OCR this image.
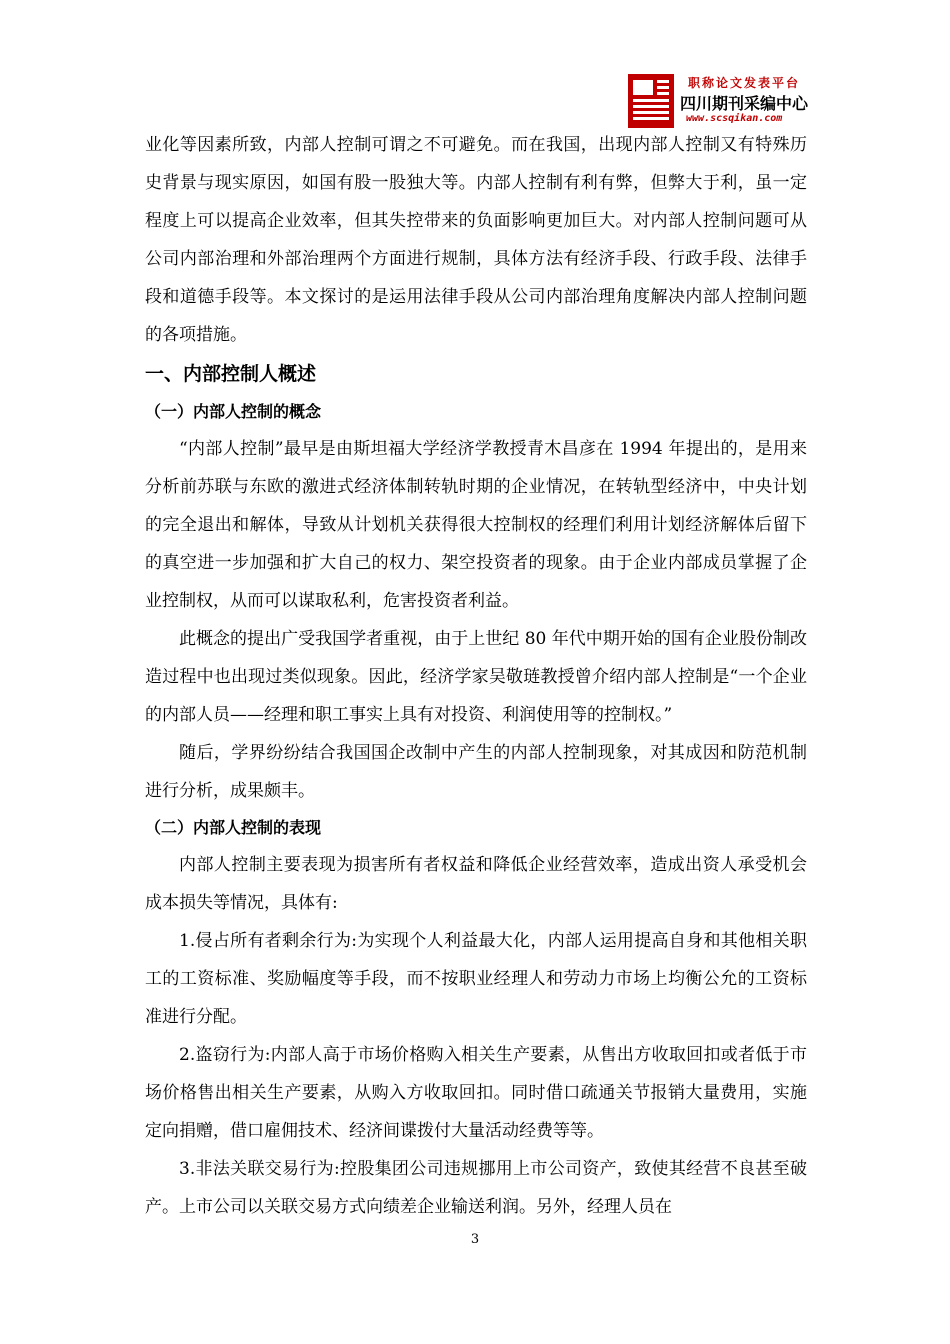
职称论文发表平台
四川期刊采编中心
www.scsqikan.com

业化等因素所致，内部人控制可谓之不可避免。而在我国，出现内部人控制又有特殊历史背景与现实原因，如国有股一股独大等。内部人控制有利有弊，但弊大于利，虽一定程度上可以提高企业效率，但其失控带来的负面影响更加巨大。对内部人控制问题可从公司内部治理和外部治理两个方面进行规制，具体方法有经济手段、行政手段、法律手段和道德手段等。本文探讨的是运用法律手段从公司内部治理角度解决内部人控制问题的各项措施。

一、内部控制人概述
（一）内部人控制的概念

“内部人控制”最早是由斯坦福大学经济学教授青木昌彦在 1994 年提出的，是用来分析前苏联与东欧的激进式经济体制转轨时期的企业情况，在转轨型经济中，中央计划的完全退出和解体，导致从计划机关获得很大控制权的经理们利用计划经济解体后留下的真空进一步加强和扩大自己的权力、架空投资者的现象。由于企业内部成员掌握了企业控制权，从而可以谋取私利，危害投资者利益。

此概念的提出广受我国学者重视，由于上世纪 80 年代中期开始的国有企业股份制改造过程中也出现过类似现象。因此，经济学家吴敬琏教授曾介绍内部人控制是“一个企业的内部人员——经理和职工事实上具有对投资、利润使用等的控制权。”

随后，学界纷纷结合我国国企改制中产生的内部人控制现象，对其成因和防范机制进行分析，成果颇丰。

（二）内部人控制的表现

内部人控制主要表现为损害所有者权益和降低企业经营效率，造成出资人承受机会成本损失等情况，具体有:

1.侵占所有者剩余行为:为实现个人利益最大化，内部人运用提高自身和其他相关职工的工资标准、奖励幅度等手段，而不按职业经理人和劳动力市场上均衡公允的工资标准进行分配。

2.盗窃行为:内部人高于市场价格购入相关生产要素，从售出方收取回扣或者低于市场价格售出相关生产要素，从购入方收取回扣。同时借口疏通关节报销大量费用，实施定向捐赠，借口雇佣技术、经济间谍拨付大量活动经费等等。

3.非法关联交易行为:控股集团公司违规挪用上市公司资产，致使其经营不良甚至破产。上市公司以关联交易方式向绩差企业输送利润。另外，经理人员在

3
